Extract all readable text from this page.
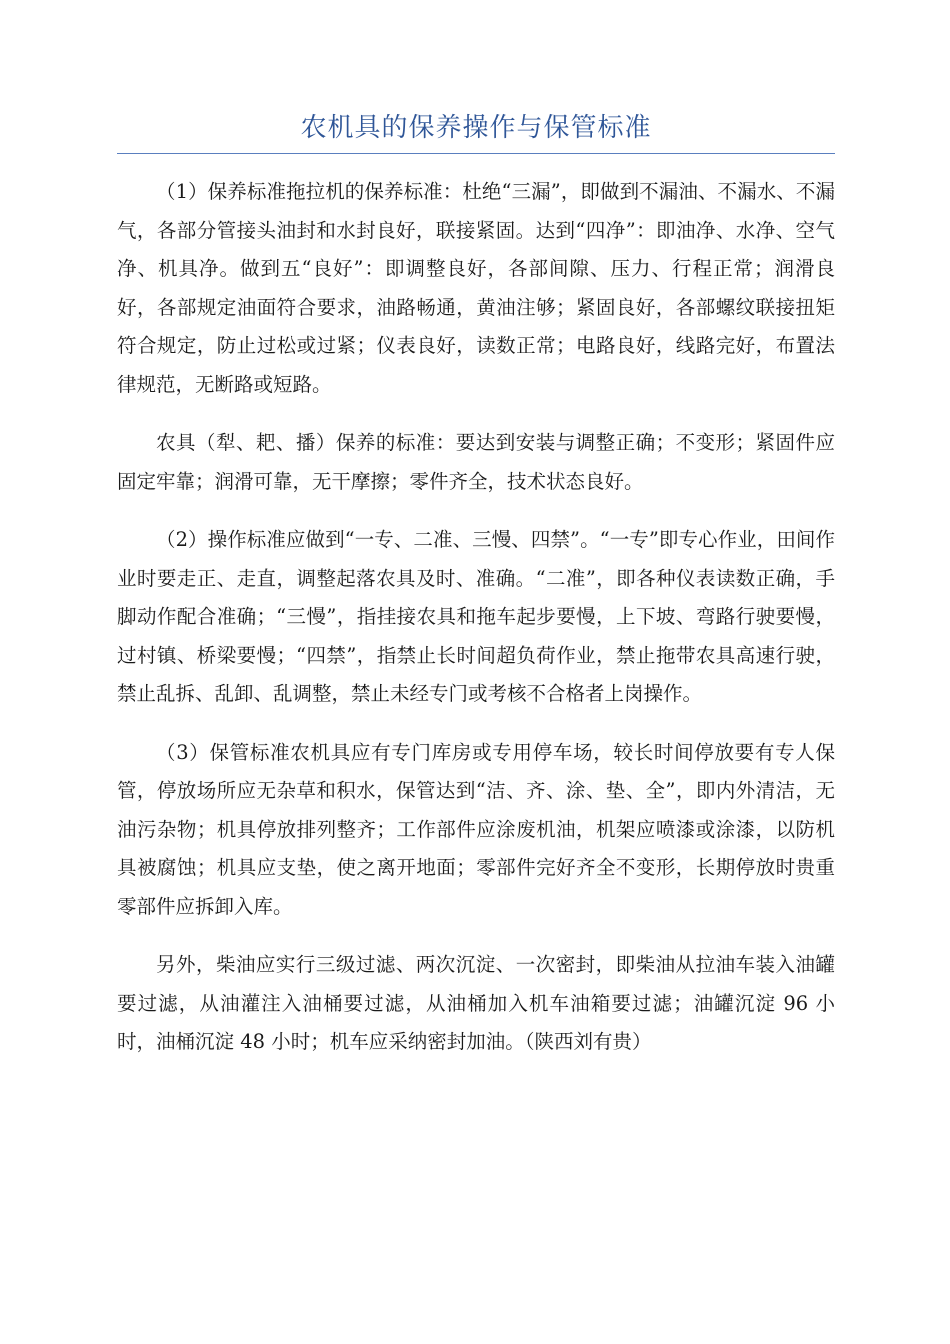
农机具的保养操作与保管标准

（1）保养标准拖拉机的保养标准：杜绝“三漏”，即做到不漏油、不漏水、不漏气，各部分管接头油封和水封良好，联接紧固。达到“四净”：即油净、水净、空气净、机具净。做到五“良好”：即调整良好，各部间隙、压力、行程正常；润滑良好，各部规定油面符合要求，油路畅通，黄油注够；紧固良好，各部螺纹联接扭矩符合规定，防止过松或过紧；仪表良好，读数正常；电路良好，线路完好，布置法律规范，无断路或短路。

农具（犁、耙、播）保养的标准：要达到安装与调整正确；不变形；紧固件应固定牢靠；润滑可靠，无干摩擦；零件齐全，技术状态良好。

（2）操作标准应做到“一专、二准、三慢、四禁”。“一专”即专心作业，田间作业时要走正、走直，调整起落农具及时、准确。“二准”，即各种仪表读数正确，手脚动作配合准确；“三慢”，指挂接农具和拖车起步要慢，上下坡、弯路行驶要慢，过村镇、桥梁要慢；“四禁”，指禁止长时间超负荷作业，禁止拖带农具高速行驶，禁止乱拆、乱卸、乱调整，禁止未经专门或考核不合格者上岗操作。

（3）保管标准农机具应有专门库房或专用停车场，较长时间停放要有专人保管，停放场所应无杂草和积水，保管达到“洁、齐、涂、垫、全”，即内外清洁，无油污杂物；机具停放排列整齐；工作部件应涂废机油，机架应喷漆或涂漆，以防机具被腐蚀；机具应支垫，使之离开地面；零部件完好齐全不变形，长期停放时贵重零部件应拆卸入库。

另外，柴油应实行三级过滤、两次沉淀、一次密封，即柴油从拉油车装入油罐要过滤，从油灌注入油桶要过滤，从油桶加入机车油箱要过滤；油罐沉淀 96 小时，油桶沉淀 48 小时；机车应采纳密封加油。（陕西刘有贵）
